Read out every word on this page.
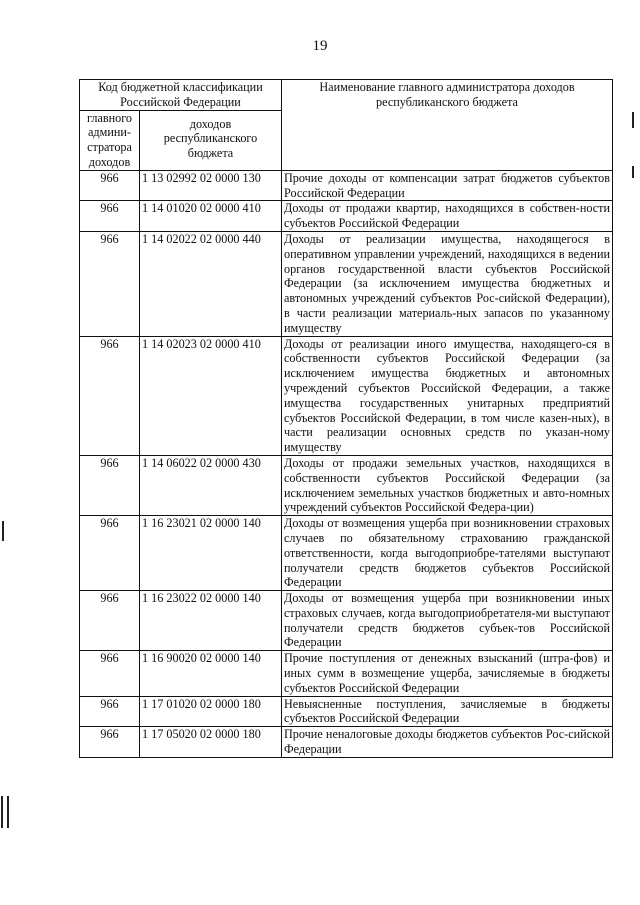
19
Код бюджетной классификации Российской Федерации		Наименование главного администратора доходов республиканского бюджета
главного админи-стратора доходов	доходов республиканского бюджета	
966	1 13 02992 02 0000 130	Прочие доходы от компенсации затрат бюджетов субъектов Российской Федерации
966	1 14 01020 02 0000 410	Доходы от продажи квартир, находящихся в собствен-ности субъектов Российской Федерации
966	1 14 02022 02 0000 440	Доходы от реализации имущества, находящегося в оперативном управлении учреждений, находящихся в ведении органов государственной власти субъектов Российской Федерации (за исключением имущества бюджетных и автономных учреждений субъектов Рос-сийской Федерации), в части реализации материаль-ных запасов по указанному имуществу
966	1 14 02023 02 0000 410	Доходы от реализации иного имущества, находящего-ся в собственности субъектов Российской Федерации (за исключением имущества бюджетных и автономных учреждений субъектов Российской Федерации, а также имущества государственных унитарных предприятий субъектов Российской Федерации, в том числе казен-ных), в части реализации основных средств по указан-ному имуществу
966	1 14 06022 02 0000 430	Доходы от продажи земельных участков, находящихся в собственности субъектов Российской Федерации (за исключением земельных участков бюджетных и авто-номных учреждений субъектов Российской Федера-ции)
966	1 16 23021 02 0000 140	Доходы от возмещения ущерба при возникновении страховых случаев по обязательному страхованию гражданской ответственности, когда выгодоприобре-тателями выступают получатели средств бюджетов субъектов Российской Федерации
966	1 16 23022 02 0000 140	Доходы от возмещения ущерба при возникновении иных страховых случаев, когда выгодоприобретателя-ми выступают получатели средств бюджетов субъек-тов Российской Федерации
966	1 16 90020 02 0000 140	Прочие поступления от денежных взысканий (штра-фов) и иных сумм в возмещение ущерба, зачисляемые в бюджеты субъектов Российской Федерации
966	1 17 01020 02 0000 180	Невыясненные поступления, зачисляемые в бюджеты субъектов Российской Федерации
966	1 17 05020 02 0000 180	Прочие неналоговые доходы бюджетов субъектов Рос-сийской Федерации
